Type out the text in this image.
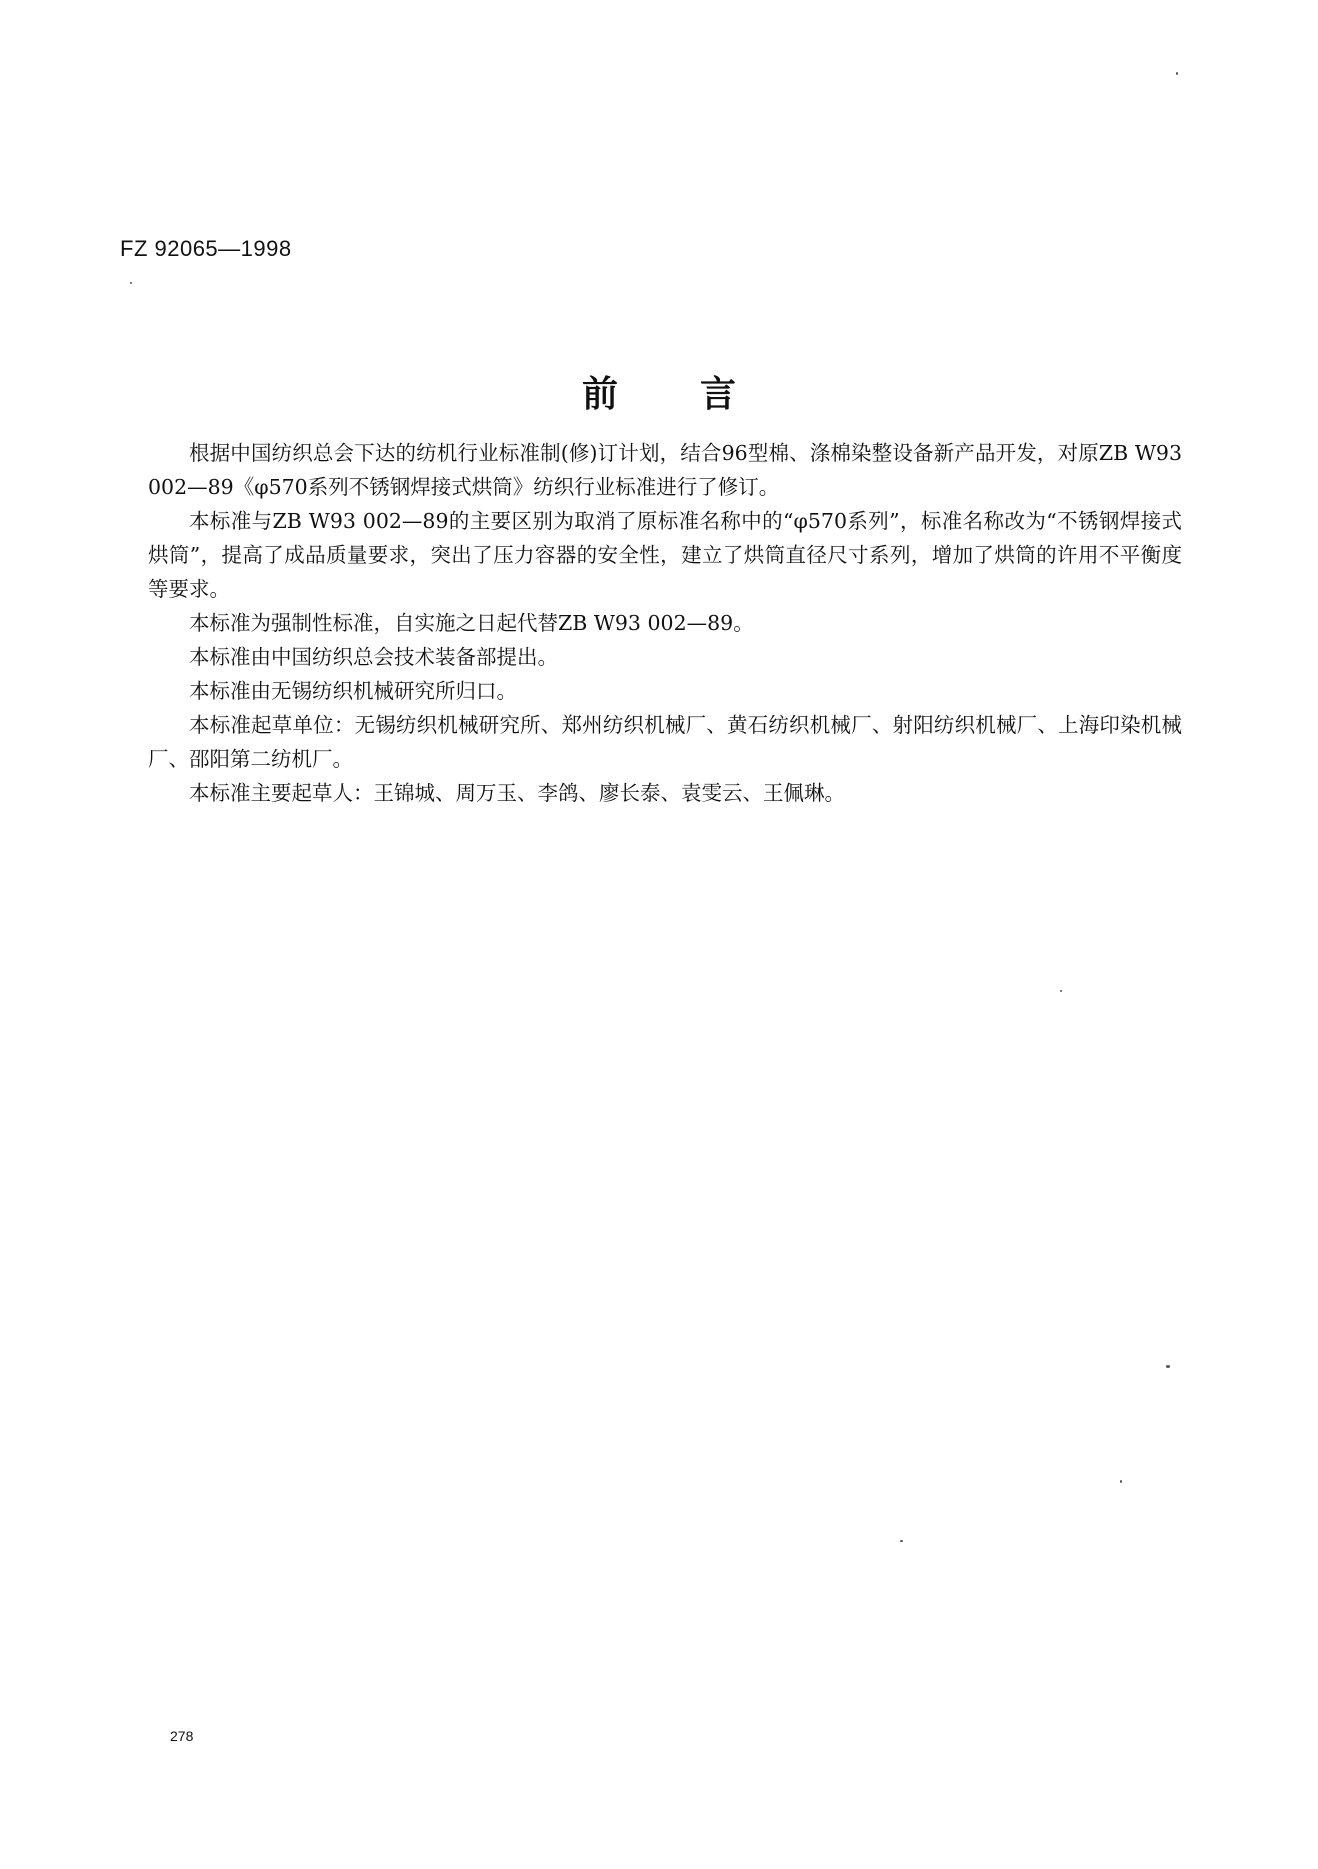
FZ 92065—1998
前言

根据中国纺织总会下达的纺机行业标准制(修)订计划，结合96型棉、涤棉染整设备新产品开发，对原ZB W93 002—89《φ570系列不锈钢焊接式烘筒》纺织行业标准进行了修订。

本标准与ZB W93 002—89的主要区别为取消了原标准名称中的“φ570系列”，标准名称改为“不锈钢焊接式烘筒”，提高了成品质量要求，突出了压力容器的安全性，建立了烘筒直径尺寸系列，增加了烘筒的许用不平衡度等要求。

本标准为强制性标准，自实施之日起代替ZB W93 002—89。

本标准由中国纺织总会技术装备部提出。

本标准由无锡纺织机械研究所归口。

本标准起草单位：无锡纺织机械研究所、郑州纺织机械厂、黄石纺织机械厂、射阳纺织机械厂、上海印染机械厂、邵阳第二纺机厂。

本标准主要起草人：王锦城、周万玉、李鸽、廖长泰、袁雯云、王佩琳。

278
